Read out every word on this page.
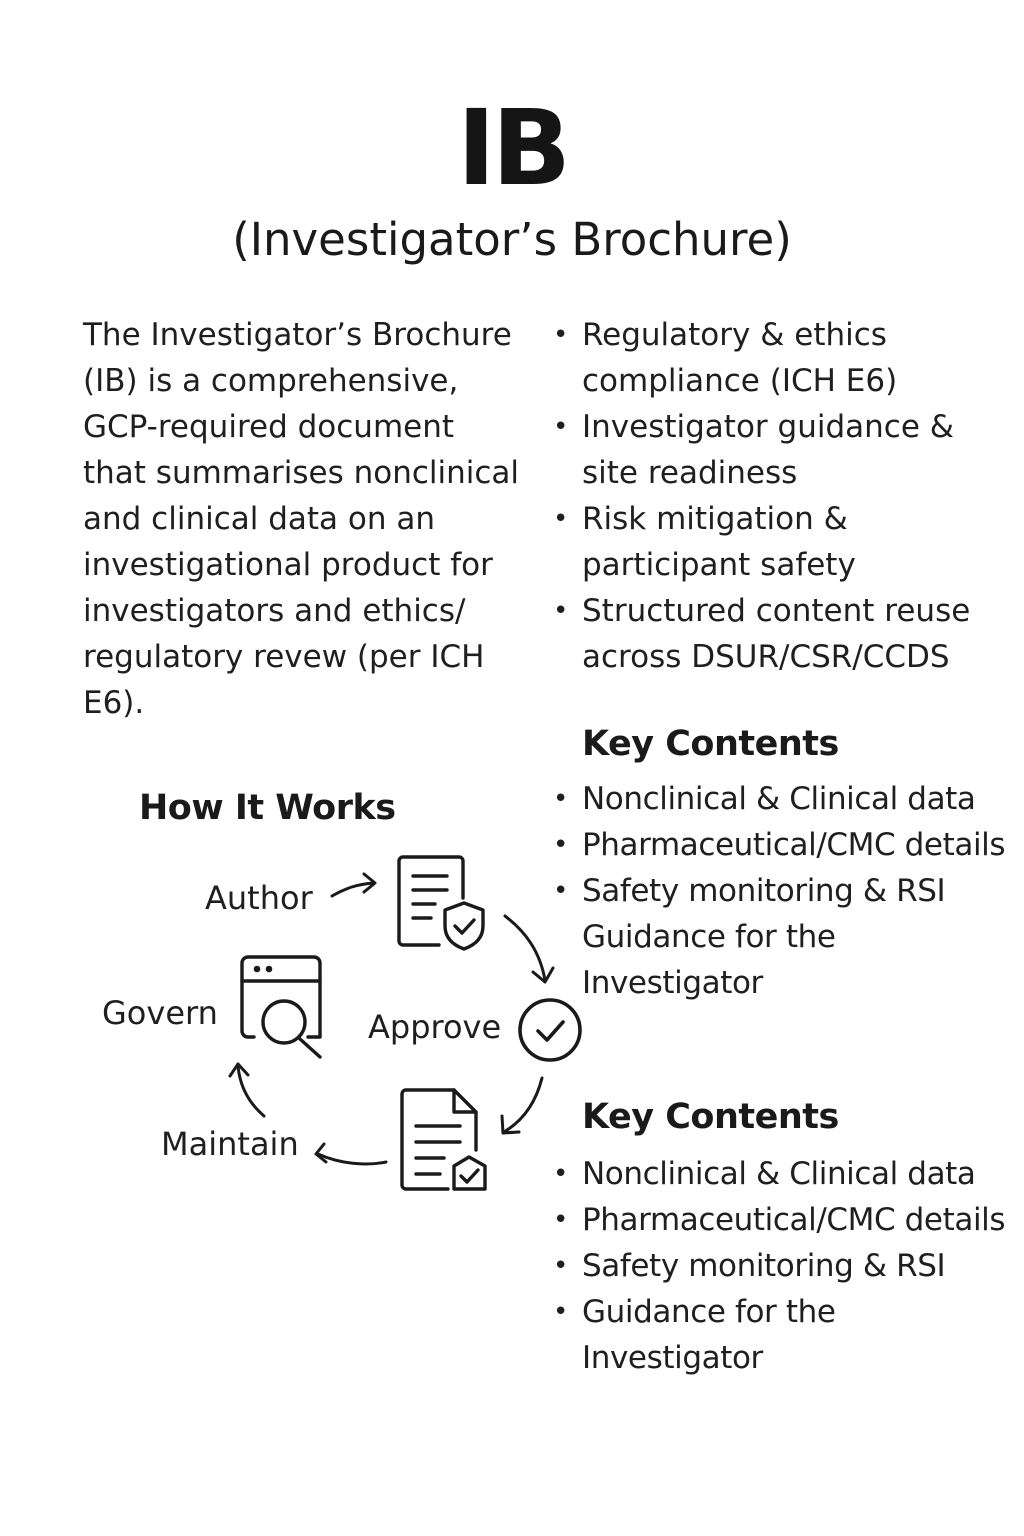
IB
(Investigator’s Brochure)

The Investigator’s Brochure (IB) is a comprehensive, GCP-required document that summarises nonclinical and clinical data on an investigational product for investigators and ethics/ regulatory revew (per ICH E6).

• Regulatory & ethics compliance (ICH E6)
• Investigator guidance & site readiness
• Risk mitigation & participant safety
• Structured content reuse across DSUR/CSR/CCDS
Key Contents
• Nonclinical & Clinical data
• Pharmaceutical/CMC details
• Safety monitoring & RSI
Guidance for the Investigator
Key Contents
• Nonclinical & Clinical data
• Pharmaceutical/CMC details
• Safety monitoring & RSI
• Guidance for the Investigator
How It Works
Author
Approve
Maintain
Govern
